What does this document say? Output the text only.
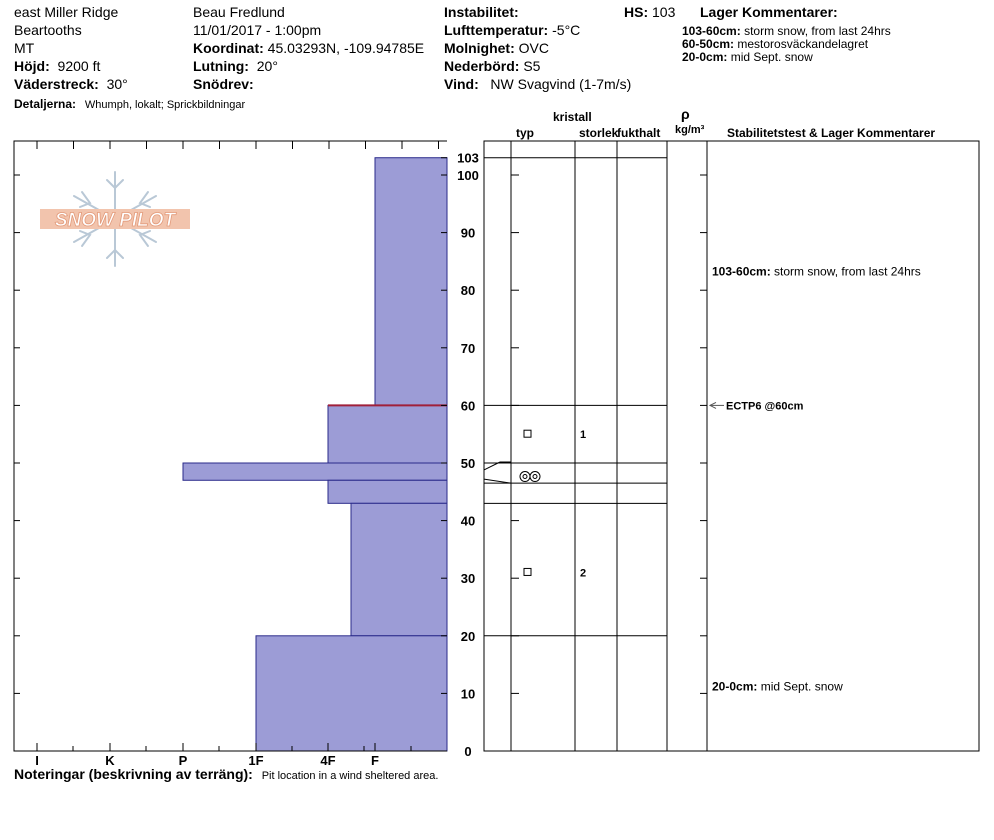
east Miller Ridge
Beartooths
MT
Höjd: 9200 ft
Väderstreck: 30°
Detaljerna: Whumph, lokalt; Sprickbildningar
Beau Fredlund
11/01/2017 - 1:00pm
Koordinat: 45.03293N, -109.94785E
Lutning: 20°
Snödrev:
Instabilitet:
Lufttemperatur: -5°C
Molnighet: OVC
Nederbörd: S5
Vind: NW Svagvind (1-7m/s)
HS: 103 Lager Kommentarer:
103-60cm: storm snow, from last 24hrs
60-50cm: mestorosväckandelagret
20-0cm: mid Sept. snow
kristall
typ	storlek
fukthalt
ρ
kg/m³ Stabilitetstest & Lager Kommentarer
SNOW PILOT
I	K	P	1F	4F	F
0
10
20
30
40
50
60
70
80
90
100
103
1
2
ECTP6 @60cm
103-60cm: storm snow, from last 24hrs
20-0cm: mid Sept. snow
Noteringar (beskrivning av terräng): Pit location in a wind sheltered area.
